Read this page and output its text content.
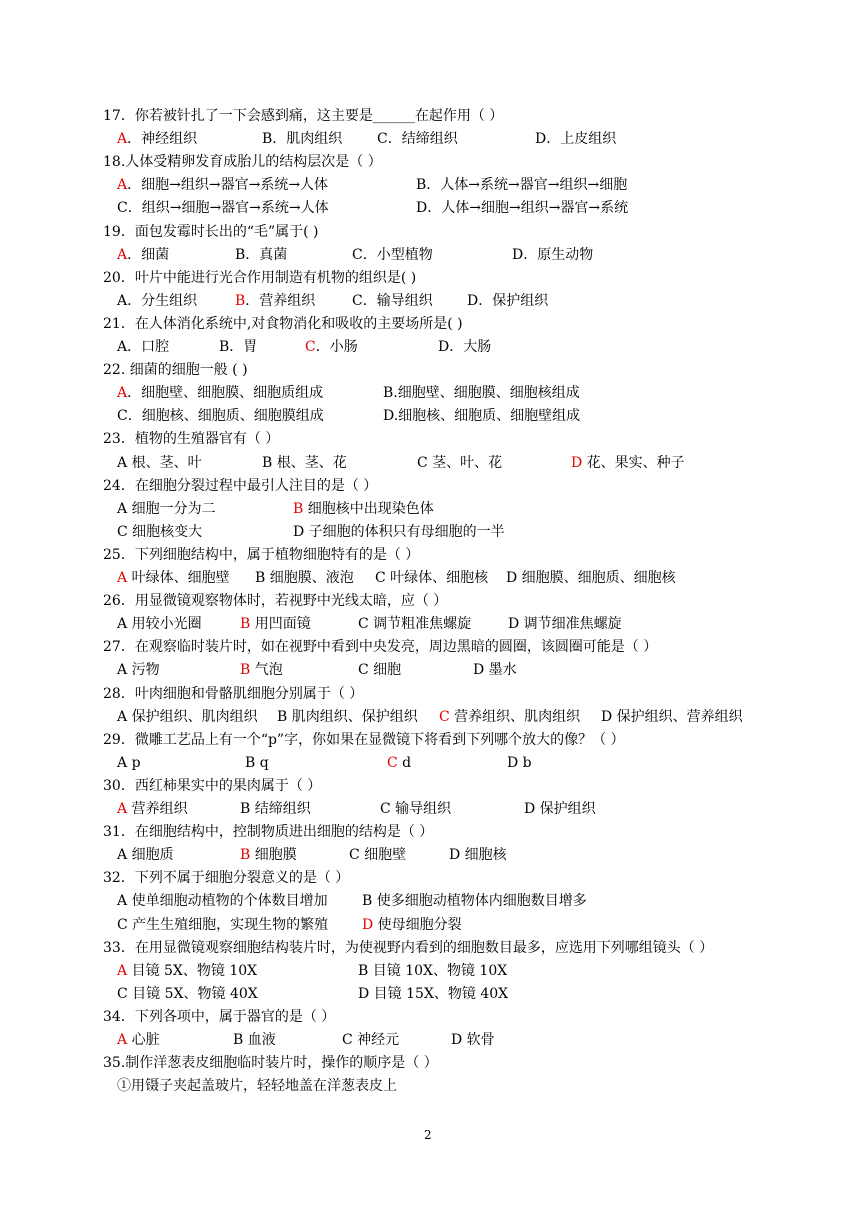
17．你若被针扎了一下会感到痛，这主要是______在起作用（ ）
A．神经组织	B．肌肉组织 C．结缔组织	D．上皮组织
18.人体受精卵发育成胎儿的结构层次是（ ）
A．细胞→组织→器官→系统→人体	B．人体→系统→器官→组织→细胞
C．组织→细胞→器官→系统→人体	D．人体→细胞→组织→器官→系统
19．面包发霉时长出的“毛”属于( )
A．细菌	B．真菌	C．小型植物	D．原生动物
20．叶片中能进行光合作用制造有机物的组织是( )
A．分生组织	B．营养组织	C．输导组织 D．保护组织
21．在人体消化系统中,对食物消化和吸收的主要场所是( )
A．口腔	B．胃	C．小肠	D．大肠
22. 细菌的细胞一般 ( )
A．细胞壁、细胞膜、细胞质组成	B.细胞壁、细胞膜、细胞核组成
C．细胞核、细胞质、细胞膜组成	D.细胞核、细胞质、细胞壁组成
23．植物的生殖器官有（ ）
A 根、茎、叶	B 根、茎、花	C 茎、叶、花	D 花、果实、种子
24．在细胞分裂过程中最引人注目的是（ ）
A 细胞一分为二	B 细胞核中出现染色体
C 细胞核变大	D 子细胞的体积只有母细胞的一半
25．下列细胞结构中，属于植物细胞特有的是（ ）
A 叶绿体、细胞壁 B 细胞膜、液泡 C 叶绿体、细胞核 D 细胞膜、细胞质、细胞核
26．用显微镜观察物体时，若视野中光线太暗，应（ ）
A 用较小光圈	B 用凹面镜	C 调节粗准焦螺旋	D 调节细准焦螺旋
27．在观察临时装片时，如在视野中看到中央发亮，周边黑暗的圆圈，该圆圈可能是（ ）
A 污物	B 气泡	C 细胞	D 墨水
28．叶肉细胞和骨骼肌细胞分别属于（ ）
A 保护组织、肌肉组织 B 肌肉组织、保护组织 C 营养组织、肌肉组织 D 保护组织、营养组织
29．微雕工艺品上有一个“p”字，你如果在显微镜下将看到下列哪个放大的像？（ ）
A p	B q	C d	D b
30．西红柿果实中的果肉属于（ ）
A 营养组织	B 结缔组织	C 输导组织	D 保护组织
31．在细胞结构中，控制物质进出细胞的结构是（ ）
A 细胞质	B 细胞膜	C 细胞壁	D 细胞核
32．下列不属于细胞分裂意义的是（ ）
A 使单细胞动植物的个体数目增加 B 使多细胞动植物体内细胞数目增多
C 产生生殖细胞，实现生物的繁殖 D 使母细胞分裂
33．在用显微镜观察细胞结构装片时，为使视野内看到的细胞数目最多，应选用下列哪组镜头（ ）
A 目镜 5X、物镜 10X	B 目镜 10X、物镜 10X
C 目镜 5X、物镜 40X	D 目镜 15X、物镜 40X
34．下列各项中，属于器官的是（ ）
A 心脏	B 血液	C 神经元	D 软骨
35.制作洋葱表皮细胞临时装片时，操作的顺序是（ ）
①用镊子夹起盖玻片，轻轻地盖在洋葱表皮上
2
